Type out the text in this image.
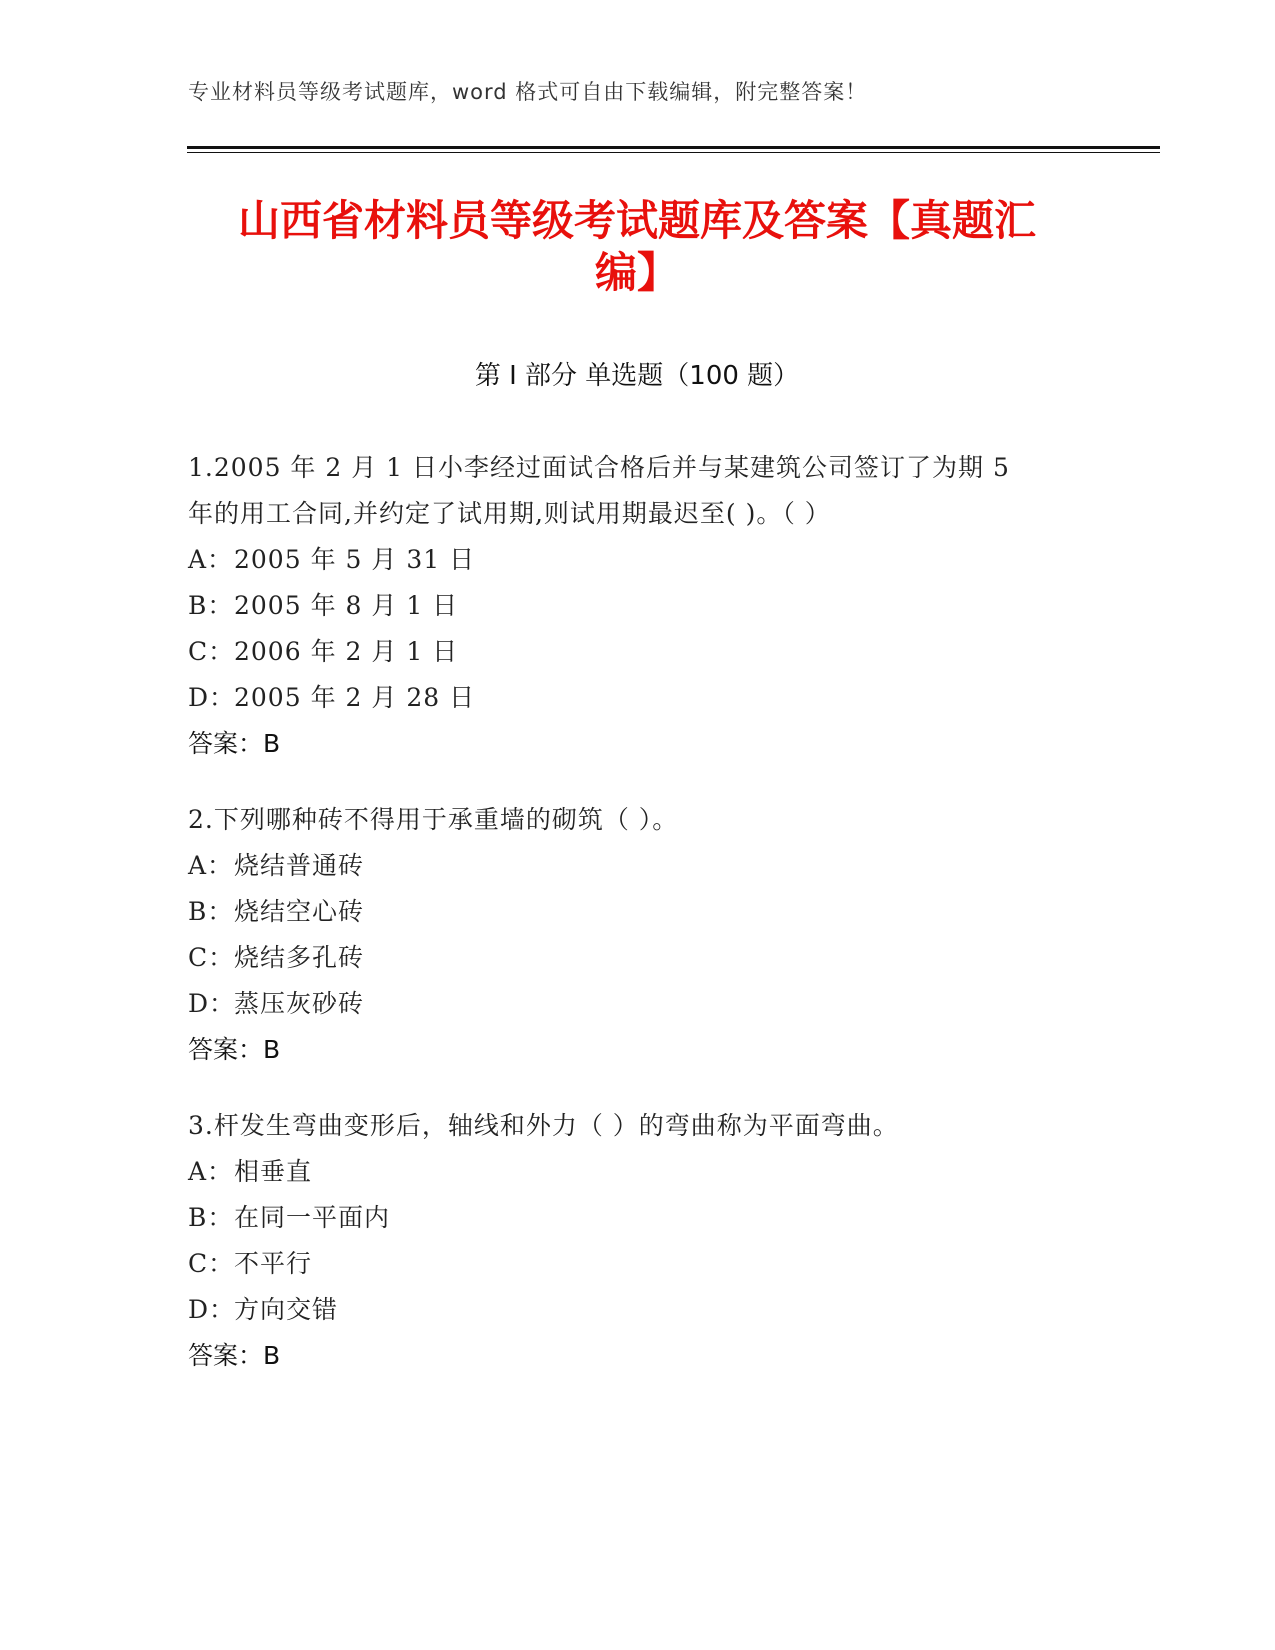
专业材料员等级考试题库，word 格式可自由下载编辑，附完整答案！
山西省材料员等级考试题库及答案【真题汇
编】
第 I 部分 单选题（100 题）
1.2005 年 2 月 1 日小李经过面试合格后并与某建筑公司签订了为期 5
年的用工合同,并约定了试用期,则试用期最迟至( )。（ ）
A：2005 年 5 月 31 日
B：2005 年 8 月 1 日
C：2006 年 2 月 1 日
D：2005 年 2 月 28 日
答案：B
2.下列哪种砖不得用于承重墙的砌筑（ ）。
A：烧结普通砖
B：烧结空心砖
C：烧结多孔砖
D：蒸压灰砂砖
答案：B
3.杆发生弯曲变形后，轴线和外力（ ）的弯曲称为平面弯曲。
A：相垂直
B：在同一平面内
C：不平行
D：方向交错
答案：B
